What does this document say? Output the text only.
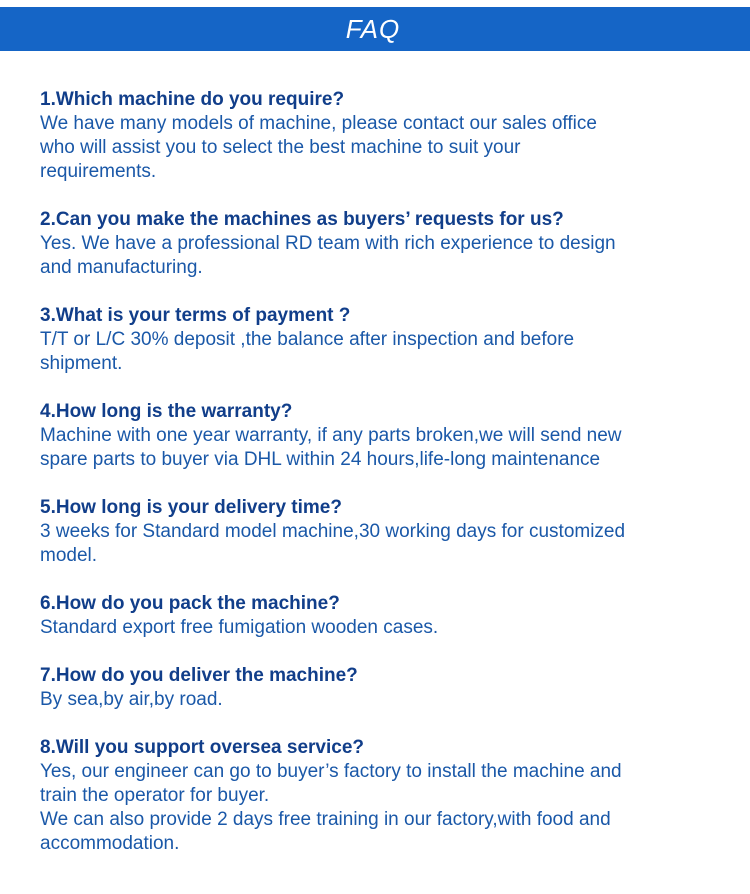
FAQ

1.Which machine do you require?

We have many models of machine, please contact our sales office
who will assist you to select the best machine to suit your
requirements.

2.Can you make the machines as buyers’ requests for us?

Yes. We have a professional RD team with rich experience to design
and manufacturing.

3.What is your terms of payment ?

T/T or L/C 30% deposit ,the balance after inspection and before
shipment.

4.How long is the warranty?

Machine with one year warranty, if any parts broken,we will send new
spare parts to buyer via DHL within 24 hours,life-long maintenance

5.How long is your delivery time?

3 weeks for Standard model machine,30 working days for customized
model.

6.How do you pack the machine?

Standard export free fumigation wooden cases.

7.How do you deliver the machine?

By sea,by air,by road.

8.Will you support oversea service?

Yes, our engineer can go to buyer’s factory to install the machine and
train the operator for buyer.
We can also provide 2 days free training in our factory,with food and
accommodation.
